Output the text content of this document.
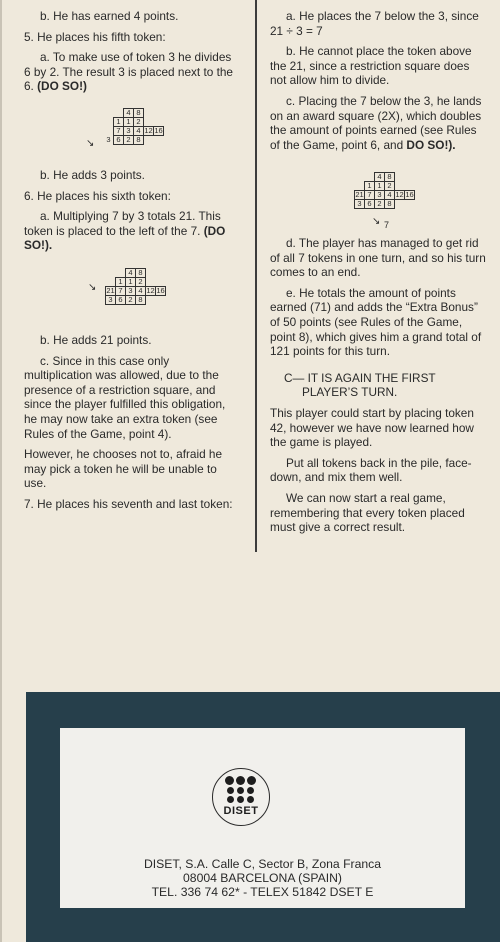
b. He has earned 4 points.

5. He places his fifth token:

a. To make use of token 3 he divides 6 by 2. The result 3 is placed next to the 6. (DO SO!)

		4	8		
	1	1	2		
	7	3	4	12	16
3	6	2	8		
↘

b. He adds 3 points.

6. He places his sixth token:

a. Multiplying 7 by 3 totals 21. This token is placed to the left of the 7. (DO SO!).

			4	8		
		1	1	2		
	21	7	3	4	12	16
	3	6	2	8		
↘

b. He adds 21 points.

c. Since in this case only multiplication was allowed, due to the presence of a restriction square, and since the player fulfilled this obligation, he may now take an extra token (see Rules of the Game, point 4).

However, he chooses not to, afraid he may pick a token he will be unable to use.

7. He places his seventh and last token:

a. He places the 7 below the 3, since 21 ÷ 3 = 7

b. He cannot place the token above the 21, since a restriction square does not allow him to divide.

c. Placing the 7 below the 3, he lands on an award square (2X), which doubles the amount of points earned (see Rules of the Game, point 6, and DO SO!).

			4	8		
		1	1	2		
	21	7	3	4	12	16
	3	6	2	8		
↘ 7

d. The player has managed to get rid of all 7 tokens in one turn, and so his turn comes to an end.

e. He totals the amount of points earned (71) and adds the “Extra Bonus” of 50 points (see Rules of the Game, point 8), which gives him a grand total of 121 points for this turn.

C— IT IS AGAIN THE FIRST PLAYER’S TURN.

This player could start by placing token 42, however we have now learned how the game is played.

Put all tokens back in the pile, face-down, and mix them well.

We can now start a real game, remembering that every token placed must give a correct result.

DISET
DISET, S.A. Calle C, Sector B, Zona Franca
08004 BARCELONA (SPAIN)
TEL. 336 74 62* - TELEX 51842 DSET E
